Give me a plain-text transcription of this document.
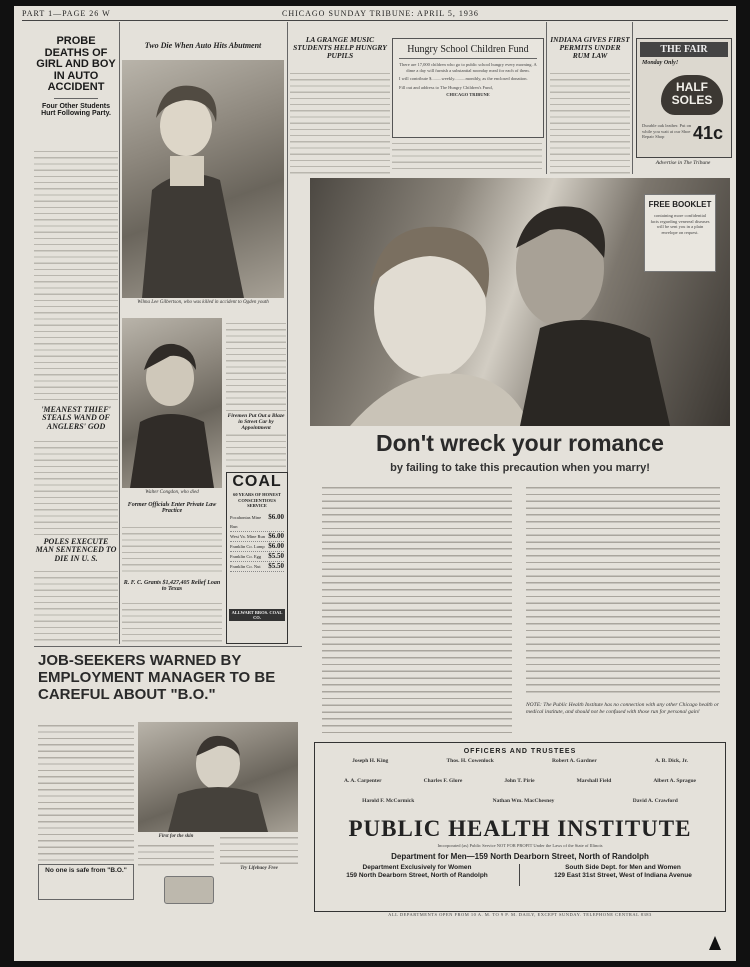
PART 1—PAGE 26 W	CHICAGO SUNDAY TRIBUNE: APRIL 5, 1936

PROBE DEATHS OF GIRL AND BOY IN AUTO ACCIDENT

Four Other Students Hurt Following Party.

'MEANEST THIEF' STEALS WAND OF ANGLERS' GOD

POLES EXECUTE MAN SENTENCED TO DIE IN U. S.

Two Die When Auto Hits Abutment

Wilma Lee Gilbertson, who was killed in accident to Ogden youth
Walter Congdon, who died

Former Officials Enter Private Law Practice

R. F. C. Grants $1,427,405 Relief Loan to Texas

LA GRANGE MUSIC STUDENTS HELP HUNGRY PUPILS

Firemen Put Out a Blaze in Street Car by Appointment

Hungry School Children Fund

There are 17,000 children who go to public school hungry every morning. A dime a day will furnish a substantial noonday meal for each of them.

I will contribute $.........weekly..........monthly, as the enclosed donation.

Fill out and address to The Hungry Children's Fund,

CHICAGO TRIBUNE

INDIANA GIVES FIRST PERMITS UNDER RUM LAW

THE FAIR
Monday Only!
HALF SOLES
Durable oak leather. Put on while you wait at our Shoe Repair Shop	41c
Advertise in The Tribune
FREE BOOKLET
containing more confidential facts regarding venereal diseases will be sent you in a plain envelope on request.
Don't wreck your romance
by failing to take this precaution when you marry!
NOTE: The Public Health Institute has no connection with any other Chicago health or medical institute, and should not be confused with those run for personal gain!
COAL
60 YEARS OF HONEST CONSCIENTIOUS SERVICE
Pocahontas Mine Run
$6.00
West Va. Mine Run $6.00
Franklin Co. Lump $6.00
Franklin Co. Egg $5.50
Franklin Co. Nut $5.50
ALLWART BROS. COAL CO.
JOB-SEEKERS WARNED BY EMPLOYMENT MANAGER TO BE CAREFUL ABOUT "B.O."
First for the skin
Try Lifebuoy Free
No one is safe from "B.O."
OFFICERS AND TRUSTEES
Joseph H. King	Thos. H. Cowenlock	Robert A. Gardner	A. B. Dick, Jr.
A. A. Carpenter	Charles F. Glore	John T. Pirie	Marshall Field	Albert A. Sprague
Harold F. McCormick	Nathan Wm. MacChesney	David A. Crawford
PUBLIC HEALTH INSTITUTE
Incorporated (as) Public Service NOT FOR PROFIT Under the Laws of the State of Illinois
Department for Men—159 North Dearborn Street, North of Randolph
Department Exclusively for Women
159 North Dearborn Street, North of Randolph
South Side Dept. for Men and Women
129 East 31st Street, West of Indiana Avenue
ALL DEPARTMENTS OPEN FROM 10 A. M. TO 9 P. M. DAILY, EXCEPT SUNDAY. TELEPHONE CENTRAL 8383
